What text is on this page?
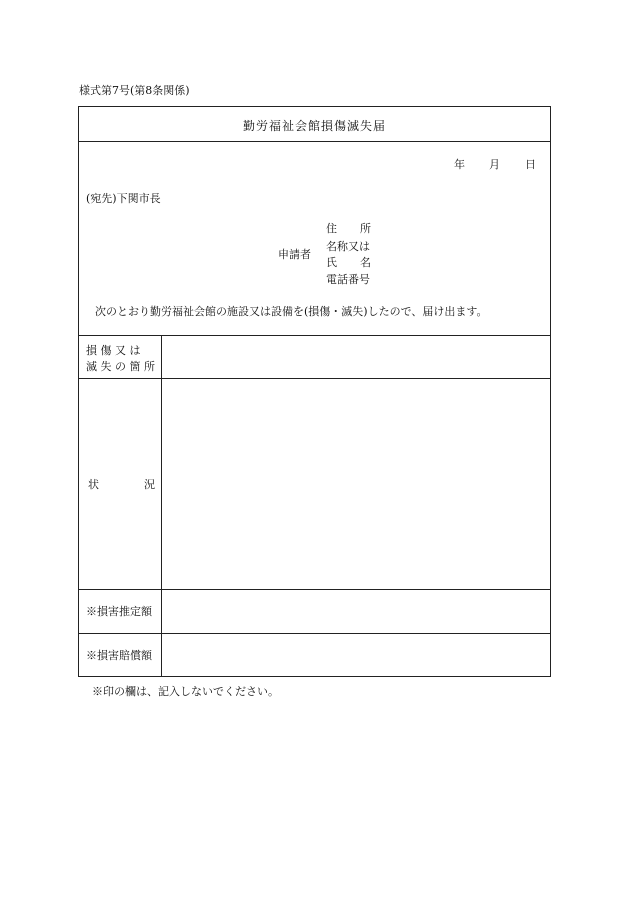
様式第7号(第8条関係)
勤労福祉会館損傷滅失届
年 月 日
(宛先)下関市長
申請者
住 所
名称又は
氏 名
電話番号
次のとおり勤労福祉会館の施設又は設備を(損傷・滅失)したので、届け出ます。
損 傷 又 は
滅 失 の 箇 所
状	況
※損害推定額
※損害賠償額
※印の欄は、記入しないでください。
